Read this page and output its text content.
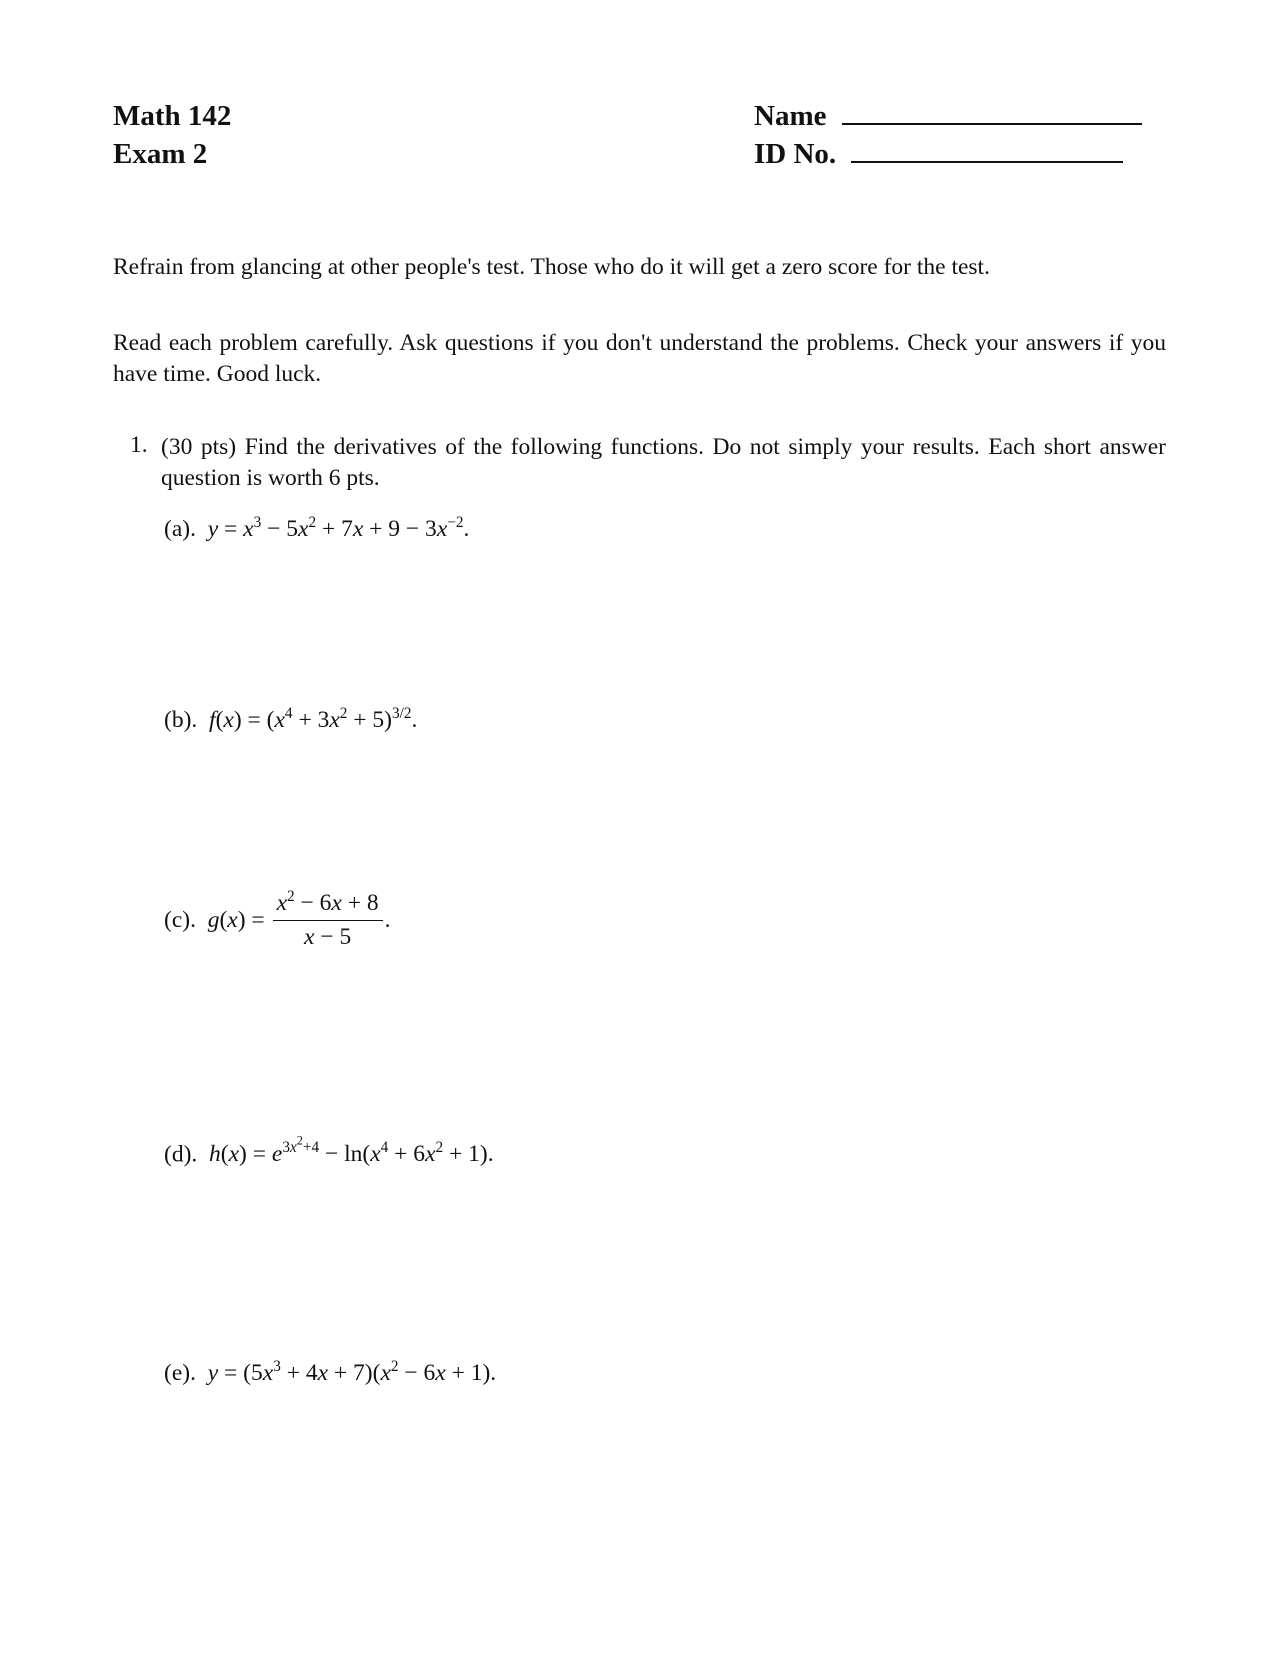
Math 142
Exam 2
Name
ID No.
Refrain from glancing at other people's test. Those who do it will get a zero score for the test.
Read each problem carefully. Ask questions if you don't understand the problems. Check your answers if you have time. Good luck.
1. (30 pts) Find the derivatives of the following functions. Do not simply your results. Each short answer question is worth 6 pts.
(a). $y = x^3 - 5x^2 + 7x + 9 - 3x^{-2}$.
(b). $f(x) = (x^4 + 3x^2 + 5)^{3/2}$.
(c). $g(x) = \frac{x^2 - 6x + 8}{x - 5}$ .
(d). $h(x) = e^{3x^2+4} - \ln(x^4 + 6x^2 + 1)$.
(e). $y = (5x^3 + 4x + 7)(x^2 - 6x + 1)$.
